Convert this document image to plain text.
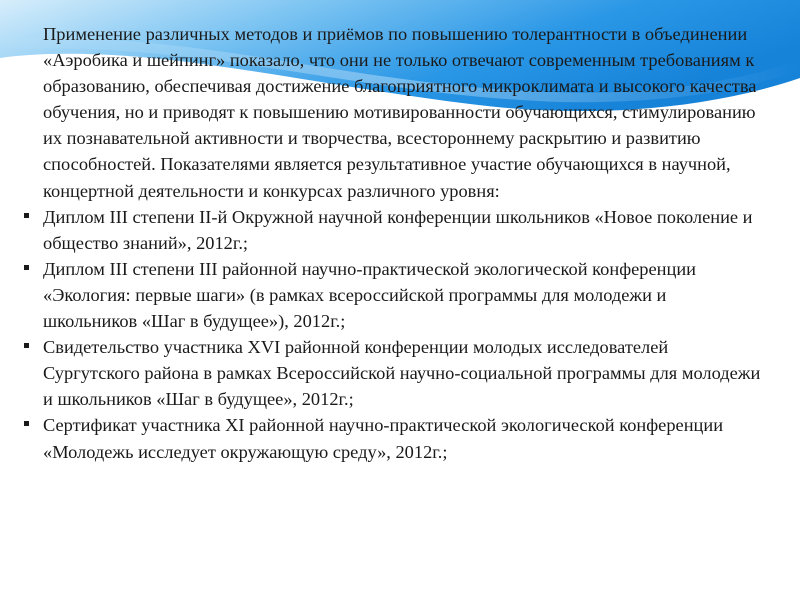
Применение различных методов и приёмов по повышению толерантности в объединении «Аэробика и шейпинг» показало, что они не только отвечают современным требованиям к образованию, обеспечивая достижение благоприятного микроклимата и высокого качества обучения, но и приводят к повышению мотивированности обучающихся, стимулированию их познавательной активности и творчества, всестороннему раскрытию и развитию способностей. Показателями является результативное участие обучающихся в научной, концертной деятельности и конкурсах различного уровня:

Диплом III степени II-й Окружной научной конференции школьников «Новое поколение и общество знаний», 2012г.;
Диплом III степени III районной научно-практической экологической конференции «Экология: первые шаги» (в рамках всероссийской программы для молодежи и школьников «Шаг в будущее»), 2012г.;
Свидетельство участника XVI районной конференции молодых исследователей Сургутского района в рамках Всероссийской научно-социальной программы для молодежи и школьников «Шаг в будущее», 2012г.;
Сертификат участника XI районной научно-практической экологической конференции «Молодежь исследует окружающую среду», 2012г.;
